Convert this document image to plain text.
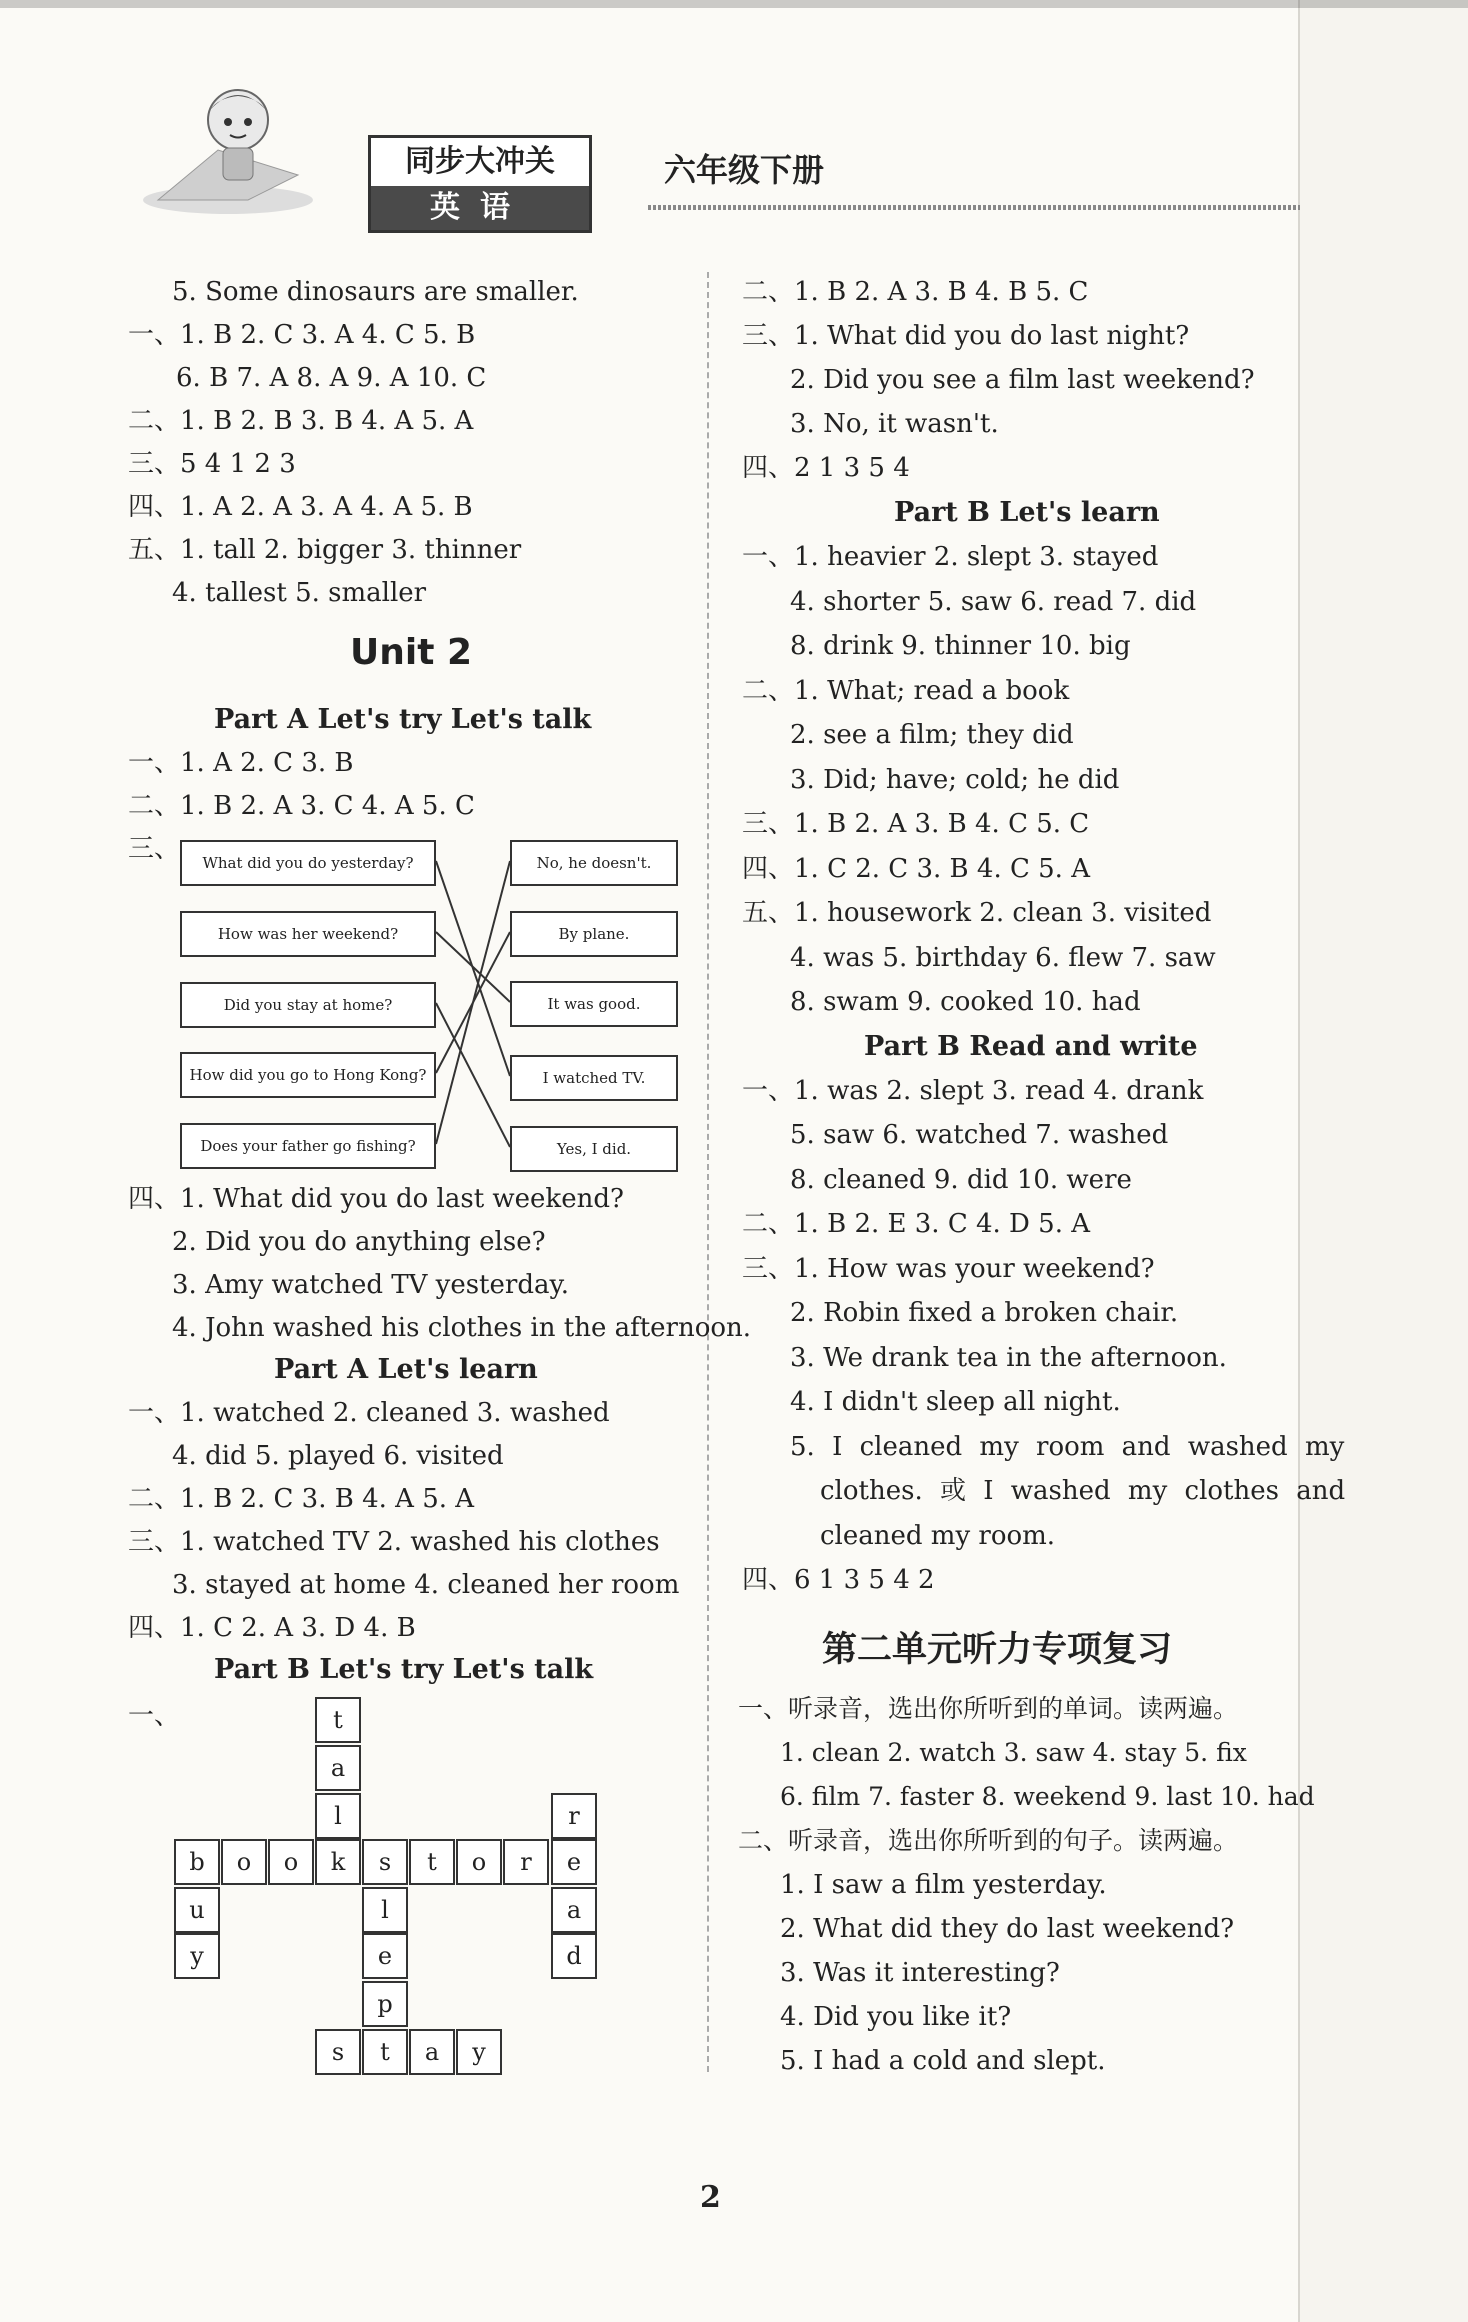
同步大冲关
英语
六年级下册
5. Some dinosaurs are smaller.
一、1. B 2. C 3. A 4. C 5. B
6. B 7. A 8. A 9. A 10. C
二、1. B 2. B 3. B 4. A 5. A
三、5 4 1 2 3
四、1. A 2. A 3. A 4. A 5. B
五、1. tall 2. bigger 3. thinner
4. tallest 5. smaller
Unit 2
Part A Let's try Let's talk
一、1. A 2. C 3. B
二、1. B 2. A 3. C 4. A 5. C
三、	What did you do yesterday?
How was her weekend?
Did you stay at home?
How did you go to Hong Kong?
Does your father go fishing?
No, he doesn't.
By plane.
It was good.
I watched TV.
Yes, I did.
四、1. What did you do last weekend?
2. Did you do anything else?
3. Amy watched TV yesterday.
4. John washed his clothes in the afternoon.
Part A Let's learn
一、1. watched 2. cleaned 3. washed
4. did 5. played 6. visited
二、1. B 2. C 3. B 4. A 5. A
三、1. watched TV 2. washed his clothes
3. stayed at home 4. cleaned her room
四、1. C 2. A 3. D 4. B
Part B Let's try Let's talk
一、	t
a
l	r
b	o	o	k	s	t	o	r	e
u	l	a
y	e	d
p
s	t	a	y
二、1. B 2. A 3. B 4. B 5. C
三、1. What did you do last night?
2. Did you see a film last weekend?
3. No, it wasn't.
四、2 1 3 5 4
Part B Let's learn
一、1. heavier 2. slept 3. stayed
4. shorter 5. saw 6. read 7. did
8. drink 9. thinner 10. big
二、1. What; read a book
2. see a film; they did
3. Did; have; cold; he did
三、1. B 2. A 3. B 4. C 5. C
四、1. C 2. C 3. B 4. C 5. A
五、1. housework 2. clean 3. visited
4. was 5. birthday 6. flew 7. saw
8. swam 9. cooked 10. had
Part B Read and write
一、1. was 2. slept 3. read 4. drank
5. saw 6. watched 7. washed
8. cleaned 9. did 10. were
二、1. B 2. E 3. C 4. D 5. A
三、1. How was your weekend?
2. Robin fixed a broken chair.
3. We drank tea in the afternoon.
4. I didn't sleep all night.
5. I cleaned my room and washed my
clothes. 或 I washed my clothes and
cleaned my room.
四、6 1 3 5 4 2
第二单元听力专项复习
一、听录音，选出你所听到的单词。读两遍。
1. clean 2. watch 3. saw 4. stay 5. fix
6. film 7. faster 8. weekend 9. last 10. had
二、听录音，选出你所听到的句子。读两遍。
1. I saw a film yesterday.
2. What did they do last weekend?
3. Was it interesting?
4. Did you like it?
5. I had a cold and slept.
2
